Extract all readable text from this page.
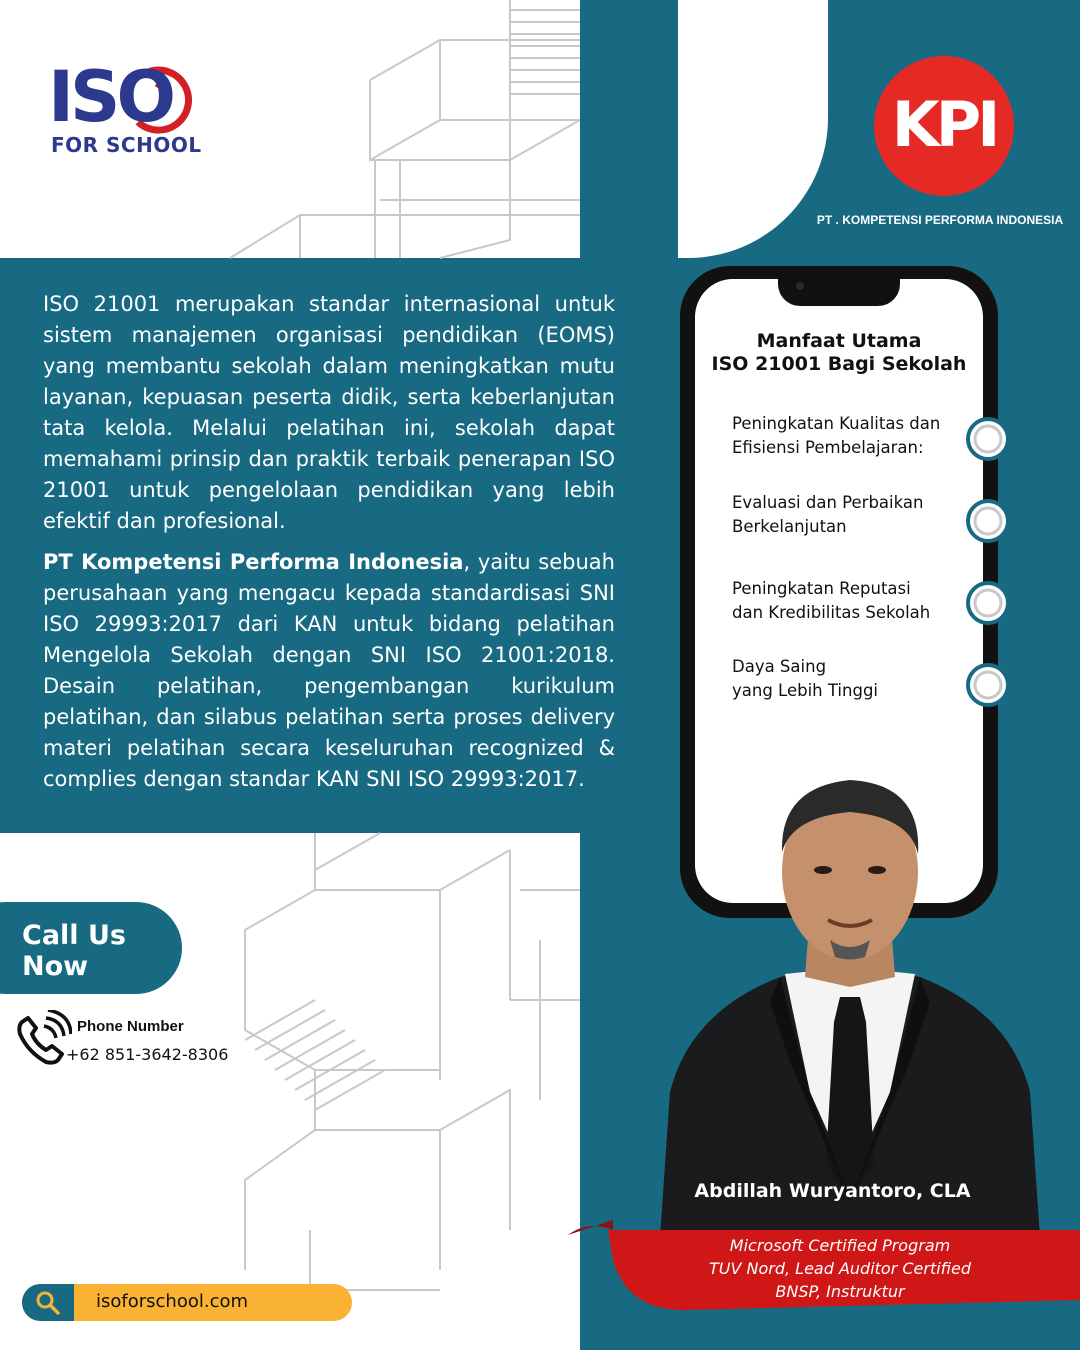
ISO
FOR SCHOOL	KPI
PT . KOMPETENSI PERFORMA INDONESIA

ISO 21001 merupakan standar internasional untuk sistem manajemen organisasi pendidikan (EOMS) yang membantu sekolah dalam meningkatkan mutu layanan, kepuasan peserta didik, serta keberlanjutan tata kelola. Melalui pelatihan ini, sekolah dapat memahami prinsip dan praktik terbaik penerapan ISO 21001 untuk pengelolaan pendidikan yang lebih efektif dan profesional.

PT Kompetensi Performa Indonesia, yaitu sebuah perusahaan yang mengacu kepada standardisasi SNI ISO 29993:2017 dari KAN untuk bidang pelatihan Mengelola Sekolah dengan SNI ISO 21001:2018. Desain pelatihan, pengembangan kurikulum pelatihan, dan silabus pelatihan serta proses delivery materi pelatihan secara keseluruhan recognized & complies dengan standar KAN SNI ISO 29993:2017.

Manfaat Utama
ISO 21001 Bagi Sekolah
Peningkatan Kualitas dan
Efisiensi Pembelajaran:
Evaluasi dan Perbaikan
Berkelanjutan
Peningkatan Reputasi
dan Kredibilitas Sekolah
Daya Saing
yang Lebih Tinggi
Abdillah Wuryantoro, CLA
Microsoft Certified Program
TUV Nord, Lead Auditor Certified
BNSP, Instruktur
Call Us
Now
Phone Number
+62 851-3642-8306
isoforschool.com
